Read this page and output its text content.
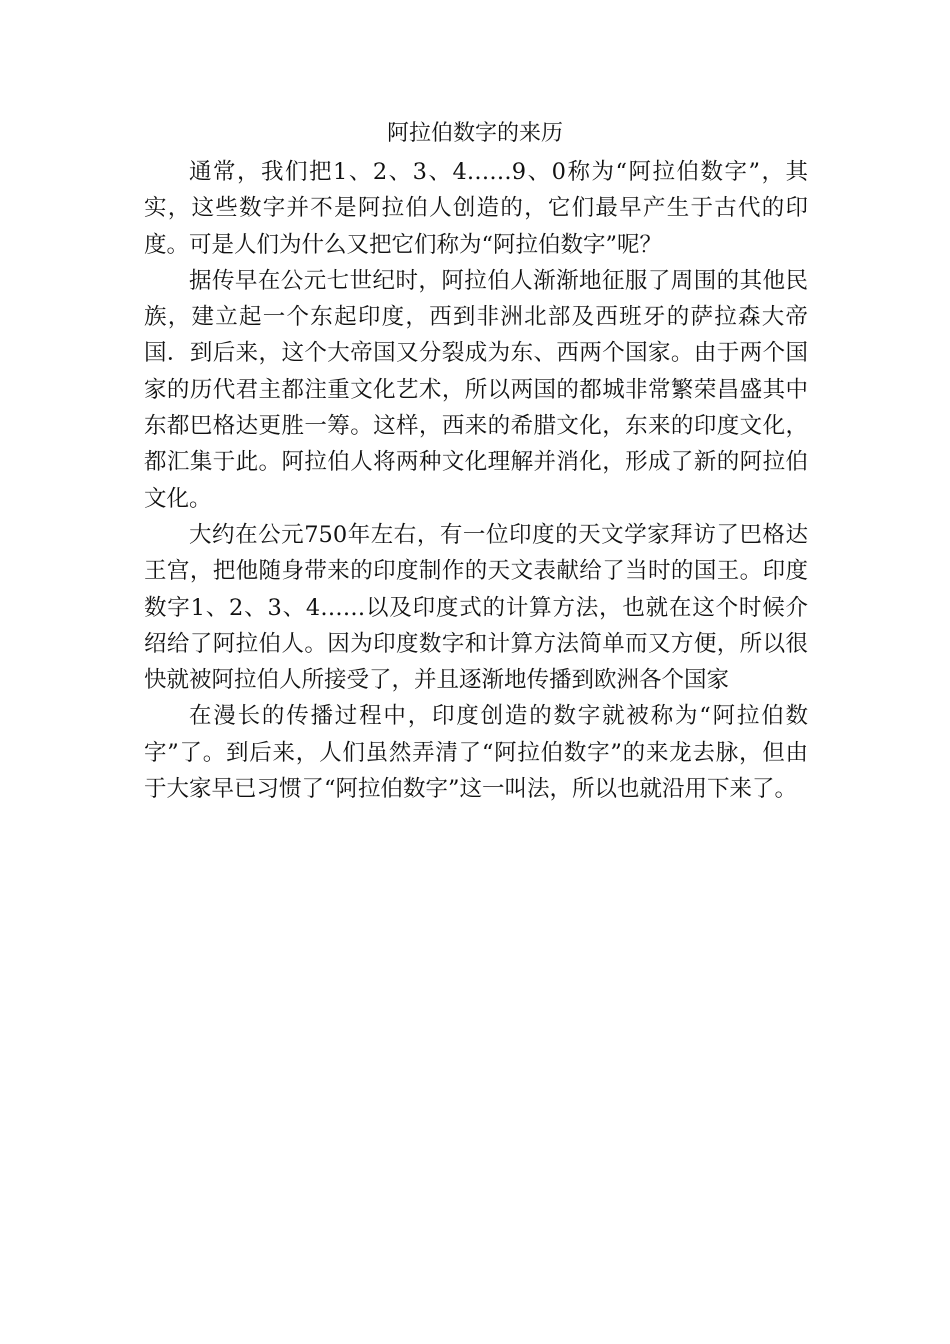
阿拉伯数字的来历

通常，我们把1、2、3、4……9、0称为“阿拉伯数字”，其实，这些数字并不是阿拉伯人创造的，它们最早产生于古代的印度。可是人们为什么又把它们称为“阿拉伯数字”呢？

据传早在公元七世纪时，阿拉伯人渐渐地征服了周围的其他民族，建立起一个东起印度，西到非洲北部及西班牙的萨拉森大帝国．到后来，这个大帝国又分裂成为东、西两个国家。由于两个国家的历代君主都注重文化艺术，所以两国的都城非常繁荣昌盛其中东都巴格达更胜一筹。这样，西来的希腊文化，东来的印度文化，都汇集于此。阿拉伯人将两种文化理解并消化，形成了新的阿拉伯文化。

大约在公元750年左右，有一位印度的天文学家拜访了巴格达王宫，把他随身带来的印度制作的天文表献给了当时的国王。印度数字1、2、3、4……以及印度式的计算方法，也就在这个时候介绍给了阿拉伯人。因为印度数字和计算方法简单而又方便，所以很快就被阿拉伯人所接受了，并且逐渐地传播到欧洲各个国家

在漫长的传播过程中，印度创造的数字就被称为“阿拉伯数字”了。到后来，人们虽然弄清了“阿拉伯数字”的来龙去脉，但由于大家早已习惯了“阿拉伯数字”这一叫法，所以也就沿用下来了。
